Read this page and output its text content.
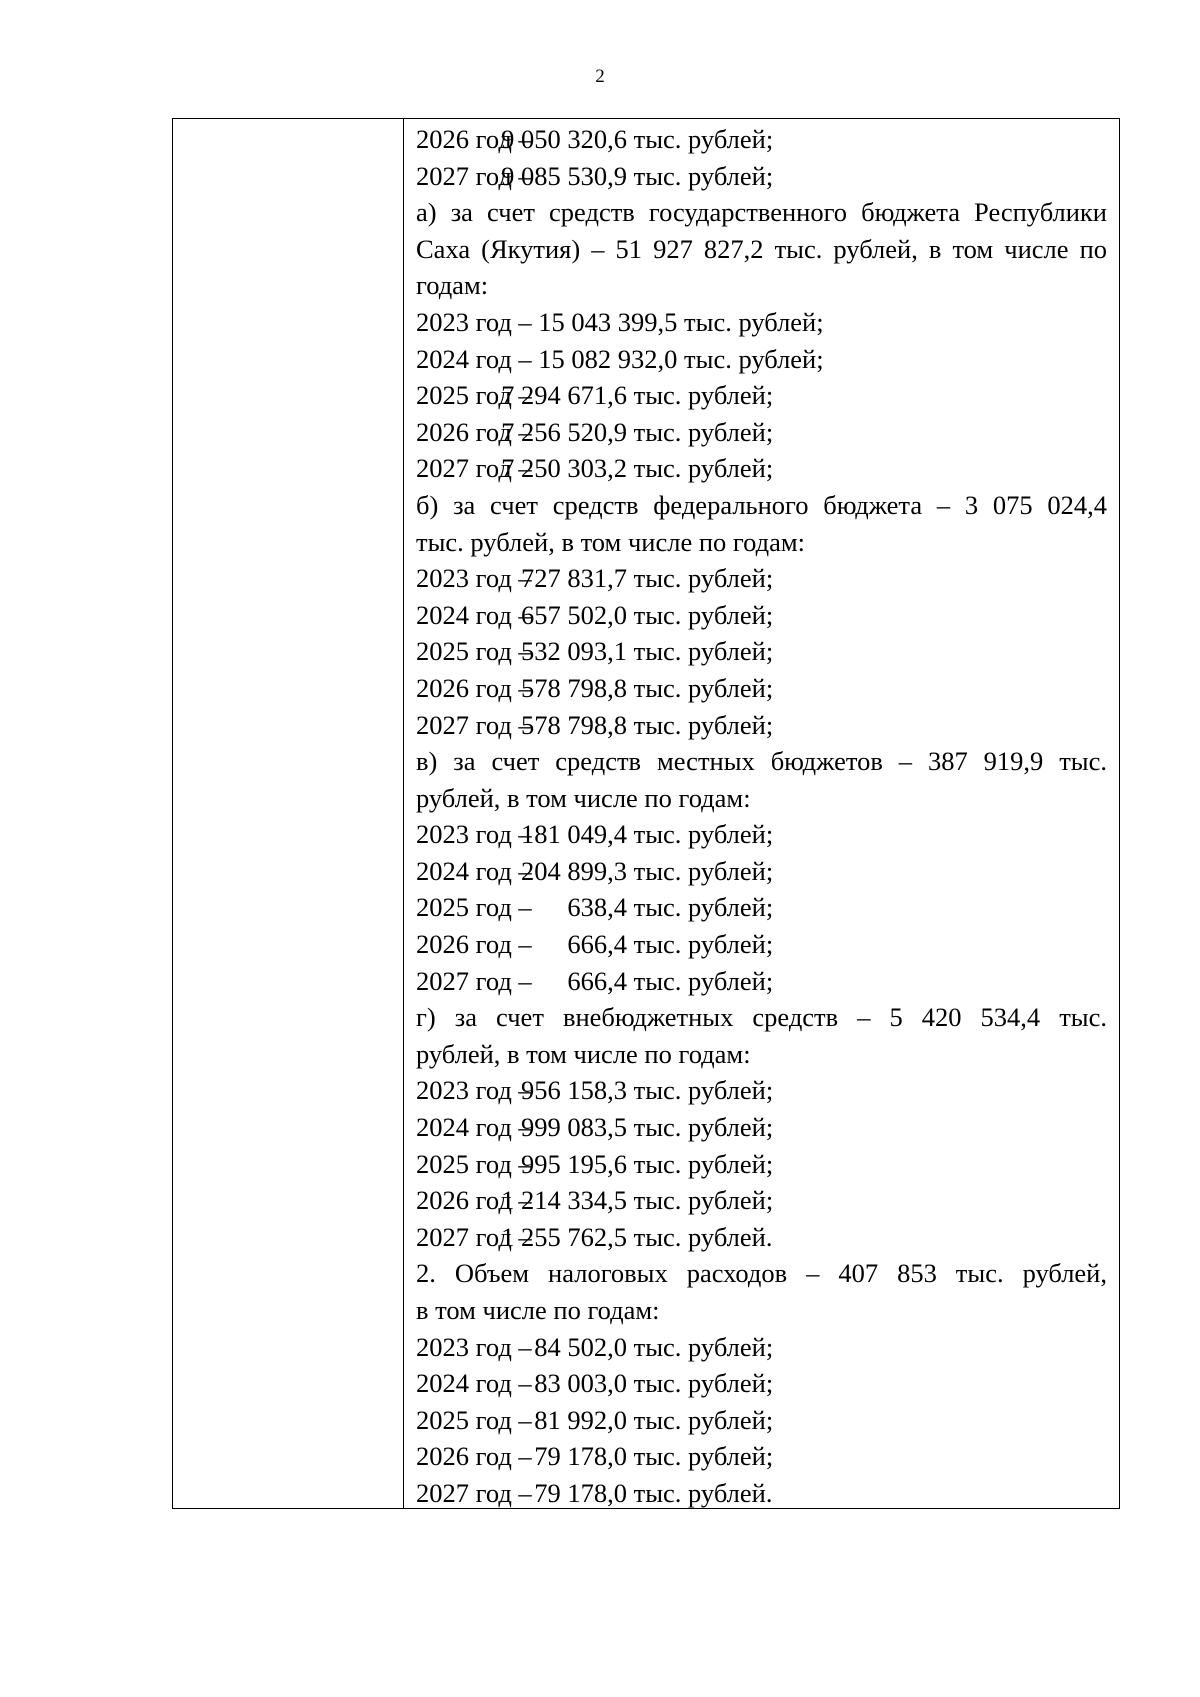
2
2026 год –9 050 320,6 тыс. рублей;
2027 год –9 085 530,9 тыс. рублей;
а) за счет средств государственного бюджета Республики
Саха (Якутия) – 51 927 827,2 тыс. рублей, в том числе по
годам:
2023 год – 15 043 399,5 тыс. рублей;
2024 год – 15 082 932,0 тыс. рублей;
2025 год –7 294 671,6 тыс. рублей;
2026 год –7 256 520,9 тыс. рублей;
2027 год –7 250 303,2 тыс. рублей;
б) за счет средств федерального бюджета – 3 075 024,4
тыс. рублей, в том числе по годам:
2023 год –727 831,7 тыс. рублей;
2024 год –657 502,0 тыс. рублей;
2025 год –532 093,1 тыс. рублей;
2026 год –578 798,8 тыс. рублей;
2027 год –578 798,8 тыс. рублей;
в) за счет средств местных бюджетов – 387 919,9 тыс.
рублей, в том числе по годам:
2023 год –181 049,4 тыс. рублей;
2024 год –204 899,3 тыс. рублей;
2025 год – 638,4 тыс. рублей;
2026 год – 666,4 тыс. рублей;
2027 год – 666,4 тыс. рублей;
г) за счет внебюджетных средств – 5 420 534,4 тыс.
рублей, в том числе по годам:
2023 год –956 158,3 тыс. рублей;
2024 год –999 083,5 тыс. рублей;
2025 год –995 195,6 тыс. рублей;
2026 год –1 214 334,5 тыс. рублей;
2027 год –1 255 762,5 тыс. рублей.
2. Объем налоговых расходов – 407 853 тыс. рублей,
в том числе по годам:
2023 год –84 502,0 тыс. рублей;
2024 год –83 003,0 тыс. рублей;
2025 год –81 992,0 тыс. рублей;
2026 год –79 178,0 тыс. рублей;
2027 год –79 178,0 тыс. рублей.
